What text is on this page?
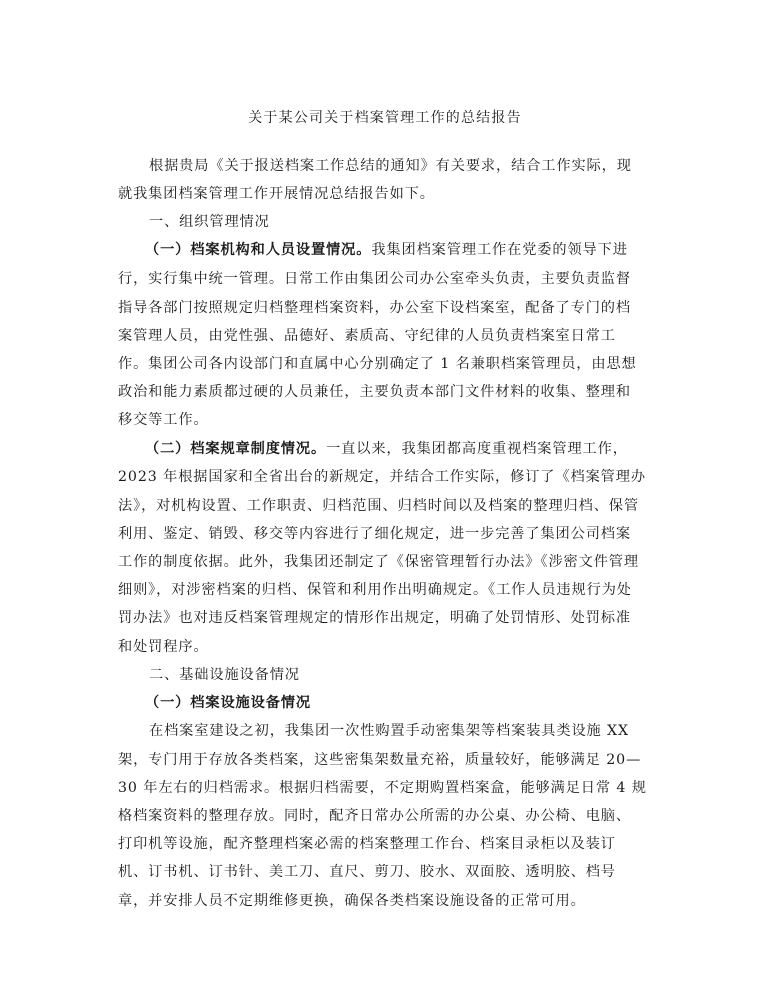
关于某公司关于档案管理工作的总结报告
根据贵局《关于报送档案工作总结的通知》有关要求，结合工作实际，现
就我集团档案管理工作开展情况总结报告如下。
一、组织管理情况
（一）档案机构和人员设置情况。我集团档案管理工作在党委的领导下进
行，实行集中统一管理。日常工作由集团公司办公室牵头负责，主要负责监督
指导各部门按照规定归档整理档案资料，办公室下设档案室，配备了专门的档
案管理人员，由党性强、品德好、素质高、守纪律的人员负责档案室日常工
作。集团公司各内设部门和直属中心分别确定了 1 名兼职档案管理员，由思想
政治和能力素质都过硬的人员兼任，主要负责本部门文件材料的收集、整理和
移交等工作。
（二）档案规章制度情况。一直以来，我集团都高度重视档案管理工作，
2023 年根据国家和全省出台的新规定，并结合工作实际，修订了《档案管理办
法》，对机构设置、工作职责、归档范围、归档时间以及档案的整理归档、保管
利用、鉴定、销毁、移交等内容进行了细化规定，进一步完善了集团公司档案
工作的制度依据。此外，我集团还制定了《保密管理暂行办法》《涉密文件管理
细则》，对涉密档案的归档、保管和利用作出明确规定。《工作人员违规行为处
罚办法》也对违反档案管理规定的情形作出规定，明确了处罚情形、处罚标准
和处罚程序。
二、基础设施设备情况
（一）档案设施设备情况
在档案室建设之初，我集团一次性购置手动密集架等档案装具类设施 XX
架，专门用于存放各类档案，这些密集架数量充裕，质量较好，能够满足 20—
30 年左右的归档需求。根据归档需要，不定期购置档案盒，能够满足日常 4 规
格档案资料的整理存放。同时，配齐日常办公所需的办公桌、办公椅、电脑、
打印机等设施，配齐整理档案必需的档案整理工作台、档案目录柜以及装订
机、订书机、订书针、美工刀、直尺、剪刀、胶水、双面胶、透明胶、档号
章，并安排人员不定期维修更换，确保各类档案设施设备的正常可用。
